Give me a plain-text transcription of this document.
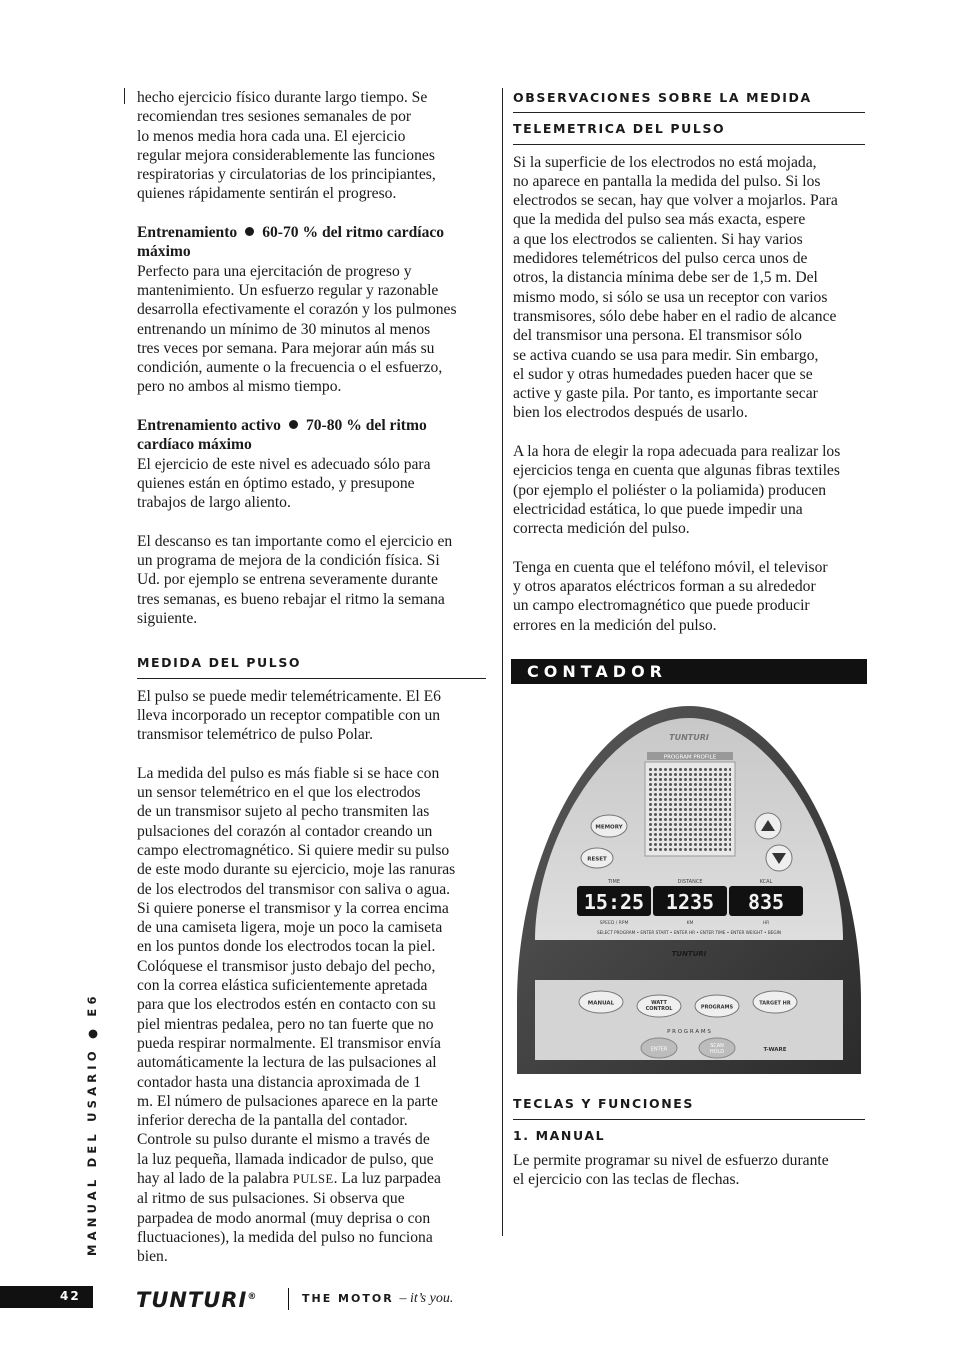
hecho ejercicio físico durante largo tiempo. Se

recomiendan tres sesiones semanales de por

lo menos media hora cada una. El ejercicio

regular mejora considerablemente las funciones

respiratorias y circulatorias de los principiantes,

quienes rápidamente sentirán el progreso.

Entrenamiento 60-70 % del ritmo cardíaco

máximo

Perfecto para una ejercitación de progreso y

mantenimiento. Un esfuerzo regular y razonable

desarrolla efectivamente el corazón y los pulmones

entrenando un mínimo de 30 minutos al menos

tres veces por semana. Para mejorar aún más su

condición, aumente o la frecuencia o el esfuerzo,

pero no ambos al mismo tiempo.

Entrenamiento activo 70-80 % del ritmo

cardíaco máximo

El ejercicio de este nivel es adecuado sólo para

quienes están en óptimo estado, y presupone

trabajos de largo aliento.

El descanso es tan importante como el ejercicio en

un programa de mejora de la condición física. Si

Ud. por ejemplo se entrena severamente durante

tres semanas, es bueno rebajar el ritmo la semana

siguiente.

MEDIDA DEL PULSO

El pulso se puede medir telemétricamente. El E6

lleva incorporado un receptor compatible con un

transmisor telemétrico de pulso Polar.

La medida del pulso es más fiable si se hace con

un sensor telemétrico en el que los electrodos

de un transmisor sujeto al pecho transmiten las

pulsaciones del corazón al contador creando un

campo electromagnético. Si quiere medir su pulso

de este modo durante su ejercicio, moje las ranuras

de los electrodos del transmisor con saliva o agua.

Si quiere ponerse el transmisor y la correa encima

de una camiseta ligera, moje un poco la camiseta

en los puntos donde los electrodos tocan la piel.

Colóquese el transmisor justo debajo del pecho,

con la correa elástica suficientemente apretada

para que los electrodos estén en contacto con su

piel mientras pedalea, pero no tan fuerte que no

pueda respirar normalmente. El transmisor envía

automáticamente la lectura de las pulsaciones al

contador hasta una distancia aproximada de 1

m. El número de pulsaciones aparece en la parte

inferior derecha de la pantalla del contador.

Controle su pulso durante el mismo a través de

la luz pequeña, llamada indicador de pulso, que

hay al lado de la palabra PULSE. La luz parpadea

al ritmo de sus pulsaciones. Si observa que

parpadea de modo anormal (muy deprisa o con

fluctuaciones), la medida del pulso no funciona

bien.

OBSERVACIONES SOBRE LA MEDIDA
TELEMETRICA DEL PULSO

Si la superficie de los electrodos no está mojada,

no aparece en pantalla la medida del pulso. Si los

electrodos se secan, hay que volver a mojarlos. Para

que la medida del pulso sea más exacta, espere

a que los electrodos se calienten. Si hay varios

medidores telemétricos del pulso cerca unos de

otros, la distancia mínima debe ser de 1,5 m. Del

mismo modo, si sólo se usa un receptor con varios

transmisores, sólo debe haber en el radio de alcance

del transmisor una persona. El transmisor sólo

se activa cuando se usa para medir. Sin embargo,

el sudor y otras humedades pueden hacer que se

active y gaste pila. Por tanto, es importante secar

bien los electrodos después de usarlo.

A la hora de elegir la ropa adecuada para realizar los

ejercicios tenga en cuenta que algunas fibras textiles

(por ejemplo el poliéster o la poliamida) producen

electricidad estática, lo que puede impedir una

correcta medición del pulso.

Tenga en cuenta que el teléfono móvil, el televisor

y otros aparatos eléctricos forman a su alrededor

un campo electromagnético que puede producir

errores en la medición del pulso.

CONTADOR
TUNTURI
PROGRAM PROFILE
MEMORY
RESET
TIME	DISTANCE	KCAL
15:25 1235 835
SPEED / RPM	KM	HR
SELECT PROGRAM • ENTER START • ENTER HR • ENTER TIME • ENTER WEIGHT • BEGIN
TUNTURI
MANUAL	WATT
CONTROL	PROGRAMS
TARGET HR
P R O G R A M S
ENTER
SCAN
HOLD	T-WARE
TECLAS Y FUNCIONES
1. MANUAL

Le permite programar su nivel de esfuerzo durante

el ejercicio con las teclas de flechas.

MANUAL DEL USARIO ● E6
42	TUNTURI®	THE MOTOR – it’s you.
